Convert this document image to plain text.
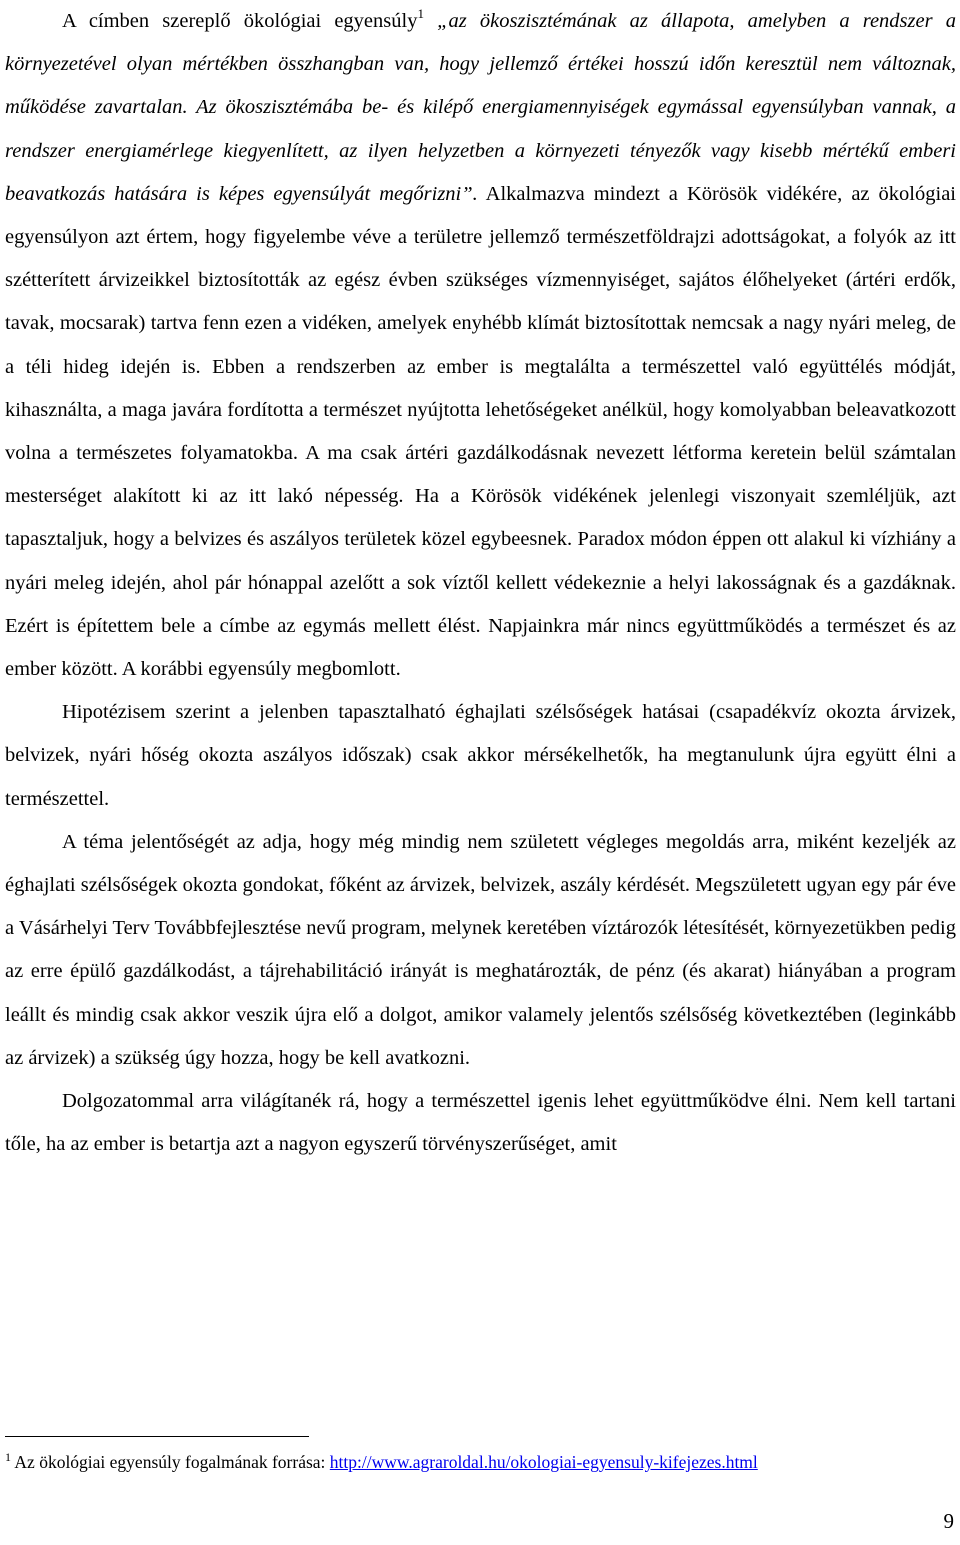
A címben szereplő ökológiai egyensúly$^1$ „az ökoszisztémának az állapota, amelyben a rendszer a környezetével olyan mértékben összhangban van, hogy jellemző értékei hosszú időn keresztül nem változnak, működése zavartalan. Az ökoszisztémába be- és kilépő energiamennyiségek egymással egyensúlyban vannak, a rendszer energiamérlege kiegyenlített, az ilyen helyzetben a környezeti tényezők vagy kisebb mértékű emberi beavatkozás hatására is képes egyensúlyát megőrizni”. Alkalmazva mindezt a Körösök vidékére, az ökológiai egyensúlyon azt értem, hogy figyelembe véve a területre jellemző természetföldrajzi adottságokat, a folyók az itt szétterített árvizeikkel biztosították az egész évben szükséges vízmennyiséget, sajátos élőhelyeket (ártéri erdők, tavak, mocsarak) tartva fenn ezen a vidéken, amelyek enyhébb klímát biztosítottak nemcsak a nagy nyári meleg, de a téli hideg idején is. Ebben a rendszerben az ember is megtalálta a természettel való együttélés módját, kihasználta, a maga javára fordította a természet nyújtotta lehetőségeket anélkül, hogy komolyabban beleavatkozott volna a természetes folyamatokba. A ma csak ártéri gazdálkodásnak nevezett létforma keretein belül számtalan mesterséget alakított ki az itt lakó népesség. Ha a Körösök vidékének jelenlegi viszonyait szemléljük, azt tapasztaljuk, hogy a belvizes és aszályos területek közel egybeesnek. Paradox módon éppen ott alakul ki vízhiány a nyári meleg idején, ahol pár hónappal azelőtt a sok víztől kellett védekeznie a helyi lakosságnak és a gazdáknak. Ezért is építettem bele a címbe az egymás mellett élést. Napjainkra már nincs együttműködés a természet és az ember között. A korábbi egyensúly megbomlott.

Hipotézisem szerint a jelenben tapasztalható éghajlati szélsőségek hatásai (csapadékvíz okozta árvizek, belvizek, nyári hőség okozta aszályos időszak) csak akkor mérsékelhetők, ha megtanulunk újra együtt élni a természettel.

A téma jelentőségét az adja, hogy még mindig nem született végleges megoldás arra, miként kezeljék az éghajlati szélsőségek okozta gondokat, főként az árvizek, belvizek, aszály kérdését. Megszületett ugyan egy pár éve a Vásárhelyi Terv Továbbfejlesztése nevű program, melynek keretében víztározók létesítését, környezetükben pedig az erre épülő gazdálkodást, a tájrehabilitáció irányát is meghatározták, de pénz (és akarat) hiányában a program leállt és mindig csak akkor veszik újra elő a dolgot, amikor valamely jelentős szélsőség következtében (leginkább az árvizek) a szükség úgy hozza, hogy be kell avatkozni.

Dolgozatommal arra világítanék rá, hogy a természettel igenis lehet együttműködve élni. Nem kell tartani tőle, ha az ember is betartja azt a nagyon egyszerű törvényszerűséget, amit

$^1$ Az ökológiai egyensúly fogalmának forrása: http://www.agraroldal.hu/okologiai-egyensuly-kifejezes.html
9
